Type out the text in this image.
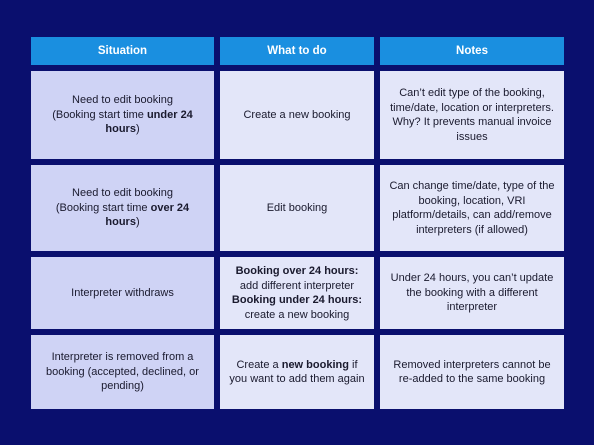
Situation	What to do	Notes
Need to edit booking
(Booking start time under 24 hours)
Create a new booking
Can’t edit type of the booking, time/date, location or interpreters. Why? It prevents manual invoice issues
Need to edit booking
(Booking start time over 24 hours)
Edit booking
Can change time/date, type of the booking, location, VRI platform/details, can add/remove interpreters (if allowed)
Interpreter withdraws
Booking over 24 hours:
add different interpreter
Booking under 24 hours:
create a new booking
Under 24 hours, you can’t update the booking with a different interpreter
Interpreter is removed from a booking (accepted, declined, or pending)
Create a new booking if you want to add them again
Removed interpreters cannot be re-added to the same booking
